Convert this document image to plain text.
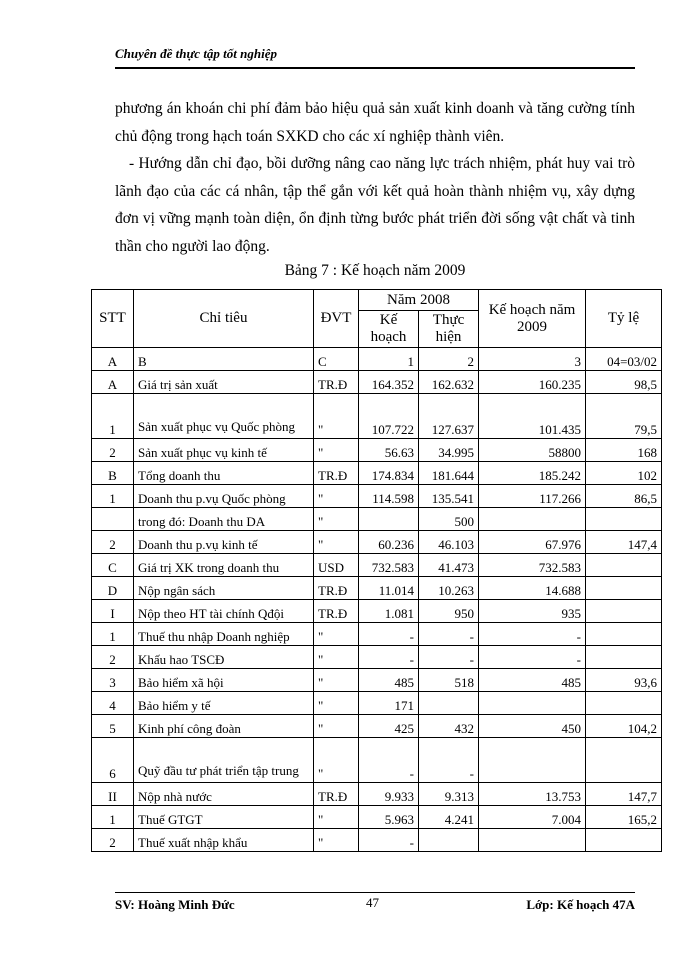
Chuyên đề thực tập tốt nghiệp
phương án khoán chi phí đảm bảo hiệu quả sản xuất kinh doanh và tăng cường tính chủ động trong hạch toán SXKD cho các xí nghiệp thành viên.
- Hướng dẫn chỉ đạo, bồi dưỡng nâng cao năng lực trách nhiệm, phát huy vai trò lãnh đạo của các cá nhân, tập thể gắn với kết quả hoàn thành nhiệm vụ, xây dựng đơn vị vững mạnh toàn diện, ổn định từng bước phát triển đời sống vật chất và tinh thần cho người lao động.
Bảng 7 : Kế hoạch năm 2009
STT	Chỉ tiêu	ĐVT	Năm 2008		Kế hoạch năm 2009	Tỷ lệ
			Kế hoạch	Thực hiện		
A	B	C	1	2	3	04=03/02
A	Giá trị sản xuất	TR.Đ	164.352	162.632	160.235	98,5
1	Sản xuất phục vụ Quốc phòng	"	107.722	127.637	101.435	79,5
2	Sản xuất phục vụ kinh tế	"	56.63	34.995	58800	168
B	Tổng doanh thu	TR.Đ	174.834	181.644	185.242	102
1	Doanh thu p.vụ Quốc phòng	"	114.598	135.541	117.266	86,5
	trong đó: Doanh thu DA	"		500		
2	Doanh thu p.vụ kinh tế	"	60.236	46.103	67.976	147,4
C	Giá trị XK trong doanh thu	USD	732.583	41.473	732.583	
D	Nộp ngân sách	TR.Đ	11.014	10.263	14.688	
I	Nộp theo HT tài chính Qđội	TR.Đ	1.081	950	935	
1	Thuế thu nhập Doanh nghiệp	"	-	-	-	
2	Khấu hao TSCĐ	"	-	-	-	
3	Bảo hiểm xã hội	"	485	518	485	93,6
4	Bảo hiểm y tế	"	171			
5	Kinh phí công đoàn	"	425	432	450	104,2
6	Quỹ đầu tư phát triển tập trung	"	-	-		
II	Nộp nhà nước	TR.Đ	9.933	9.313	13.753	147,7
1	Thuế GTGT	"	5.963	4.241	7.004	165,2
2	Thuế xuất nhập khẩu	"	-			
SV: Hoàng Minh Đức	47	Lớp: Kế hoạch 47A
